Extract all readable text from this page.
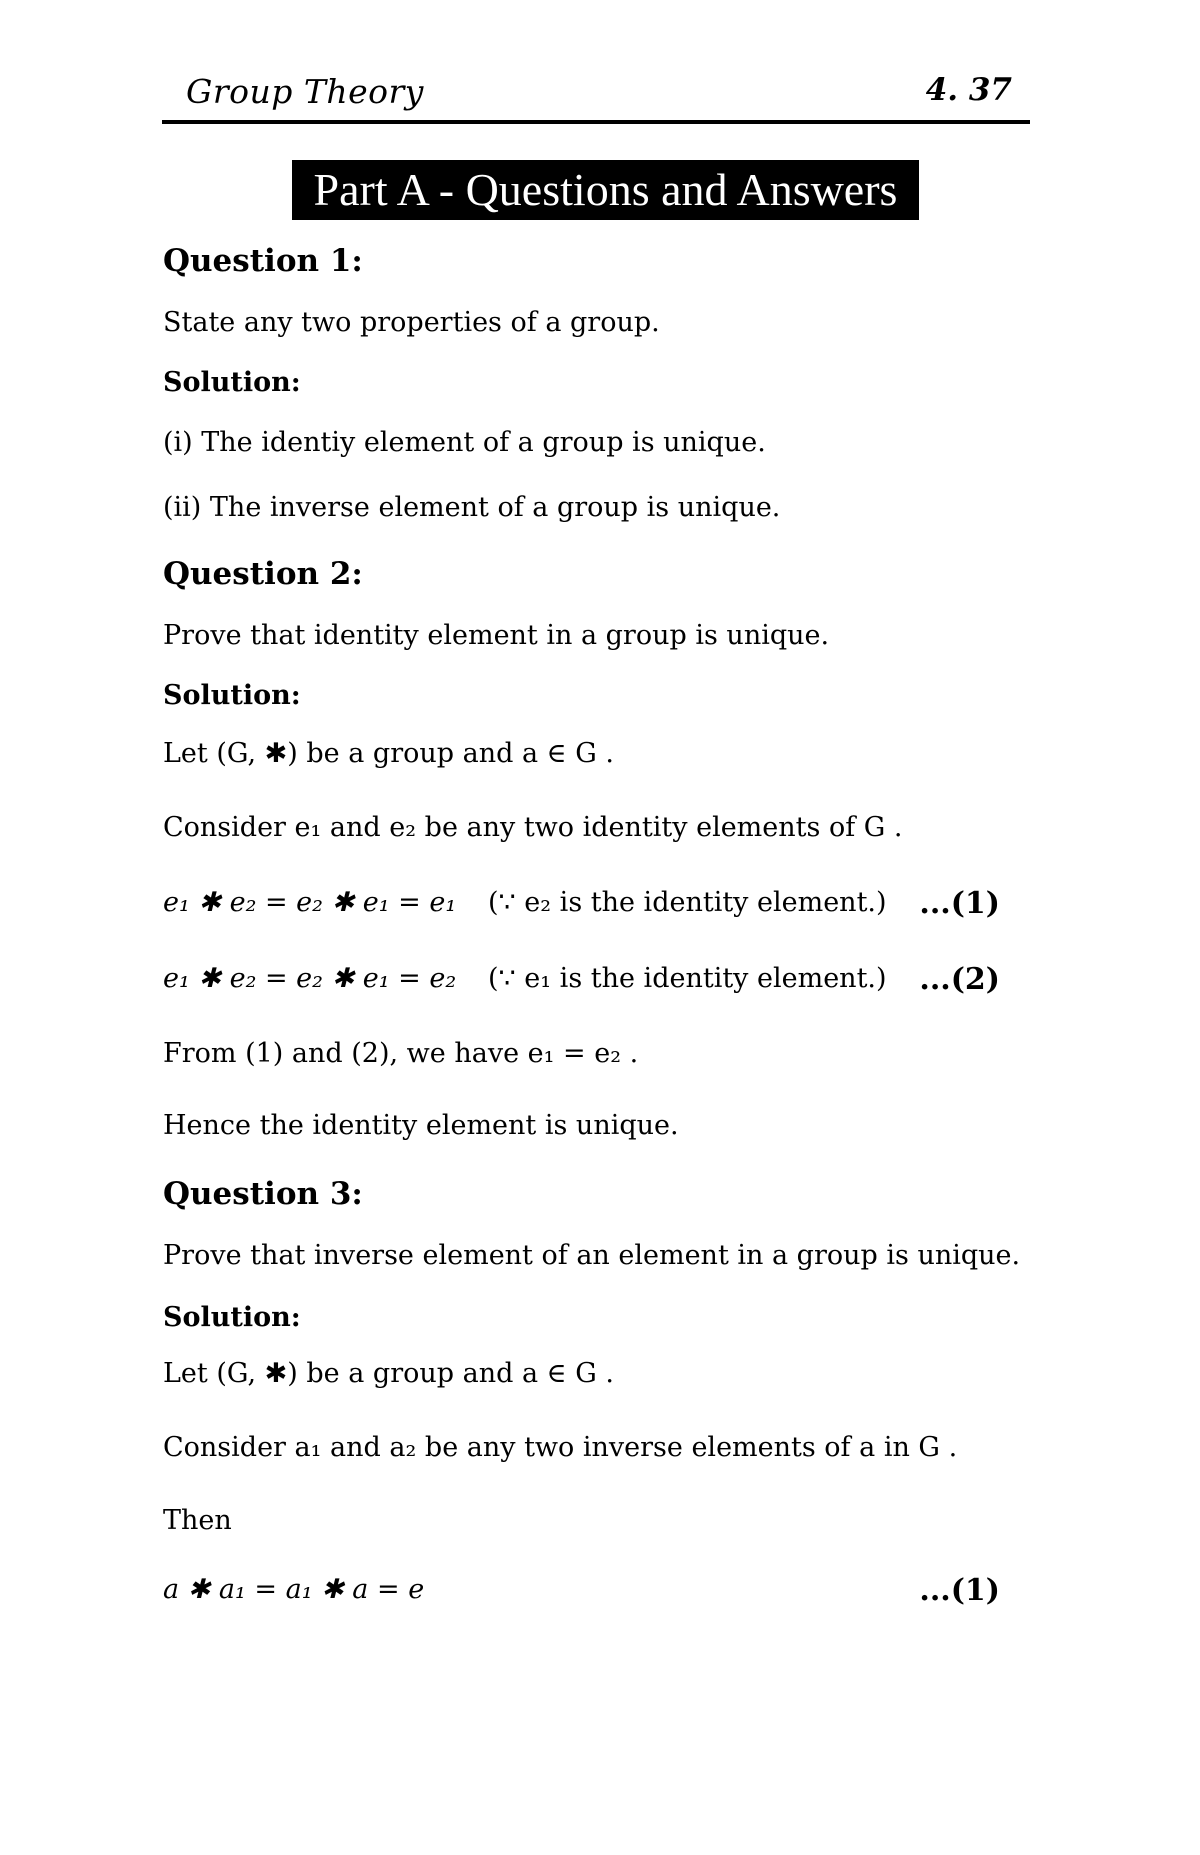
Group Theory	4. 37
Part A - Questions and Answers
Question 1:
State any two properties of a group.
Solution:
(i) The identiy element of a group is unique.
(ii) The inverse element of a group is unique.
Question 2:
Prove that identity element in a group is unique.
Solution:
Let (G, ✱) be a group and a ∈ G .
Consider e₁ and e₂ be any two identity elements of G .
e₁ ✱ e₂ = e₂ ✱ e₁ = e₁ (∵ e₂ is the identity element.) ...(1)
e₁ ✱ e₂ = e₂ ✱ e₁ = e₂ (∵ e₁ is the identity element.) ...(2)
From (1) and (2), we have e₁ = e₂ .
Hence the identity element is unique.
Question 3:
Prove that inverse element of an element in a group is unique.
Solution:
Let (G, ✱) be a group and a ∈ G .
Consider a₁ and a₂ be any two inverse elements of a in G .
Then
a ✱ a₁ = a₁ ✱ a = e	...(1)
